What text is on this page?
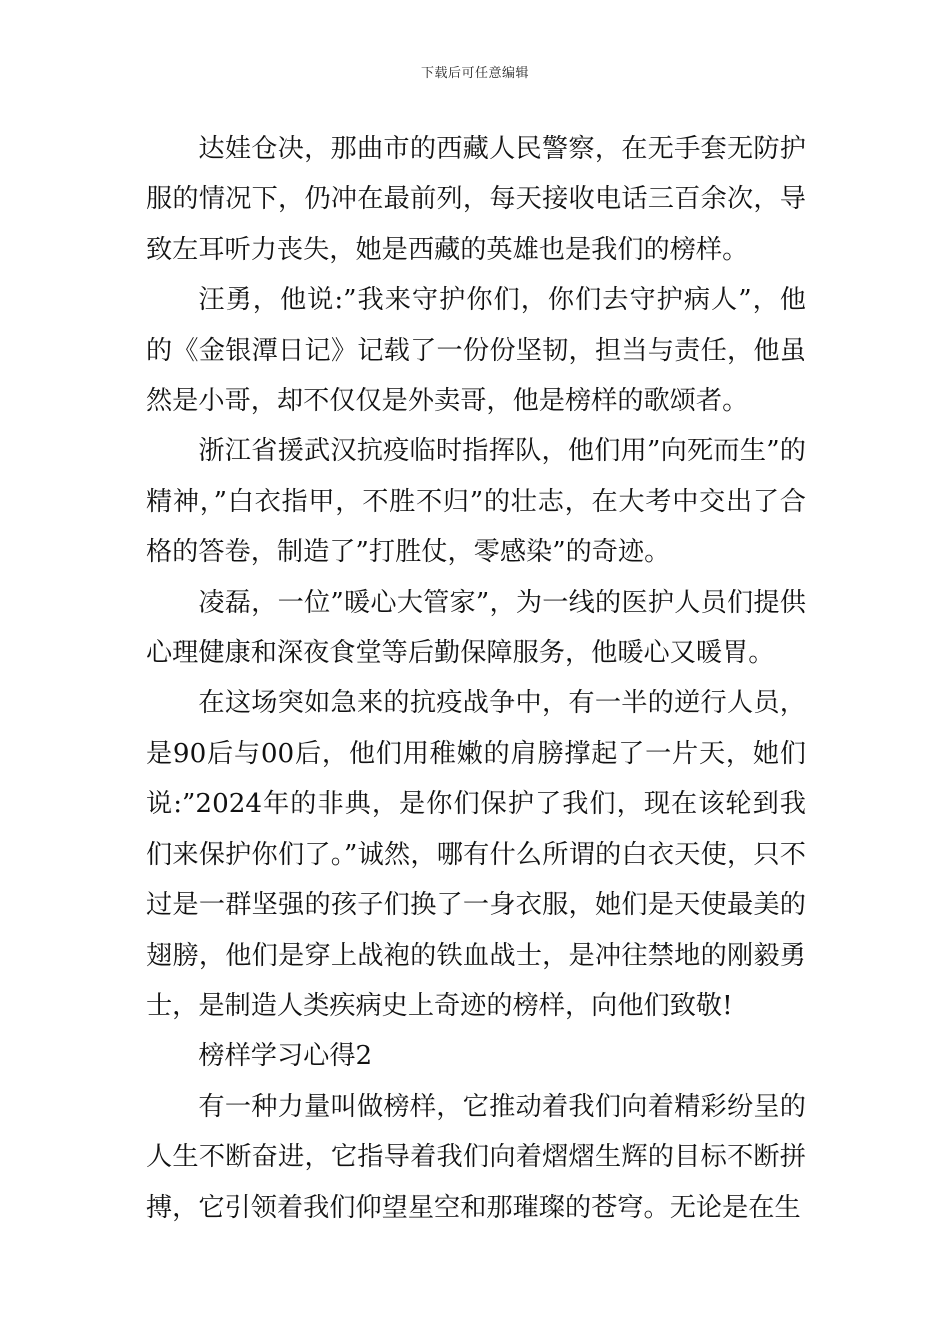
下载后可任意编辑

达娃仓决，那曲市的西藏人民警察，在无手套无防护服的情况下，仍冲在最前列，每天接收电话三百余次，导致左耳听力丧失，她是西藏的英雄也是我们的榜样。

汪勇，他说:”我来守护你们，你们去守护病人”，他的《金银潭日记》记载了一份份坚韧，担当与责任，他虽然是小哥，却不仅仅是外卖哥，他是榜样的歌颂者。

浙江省援武汉抗疫临时指挥队，他们用”向死而生”的精神，”白衣指甲，不胜不归”的壮志，在大考中交出了合格的答卷，制造了”打胜仗，零感染”的奇迹。

凌磊，一位”暖心大管家”，为一线的医护人员们提供心理健康和深夜食堂等后勤保障服务，他暖心又暖胃。

在这场突如急来的抗疫战争中，有一半的逆行人员，是90后与00后，他们用稚嫩的肩膀撑起了一片天，她们说:”2024年的非典，是你们保护了我们，现在该轮到我们来保护你们了。”诚然，哪有什么所谓的白衣天使，只不过是一群坚强的孩子们换了一身衣服，她们是天使最美的翅膀，他们是穿上战袍的铁血战士，是冲往禁地的刚毅勇士，是制造人类疾病史上奇迹的榜样，向他们致敬!

榜样学习心得2

有一种力量叫做榜样，它推动着我们向着精彩纷呈的人生不断奋进，它指导着我们向着熠熠生辉的目标不断拼搏，它引领着我们仰望星空和那璀璨的苍穹。无论是在生
